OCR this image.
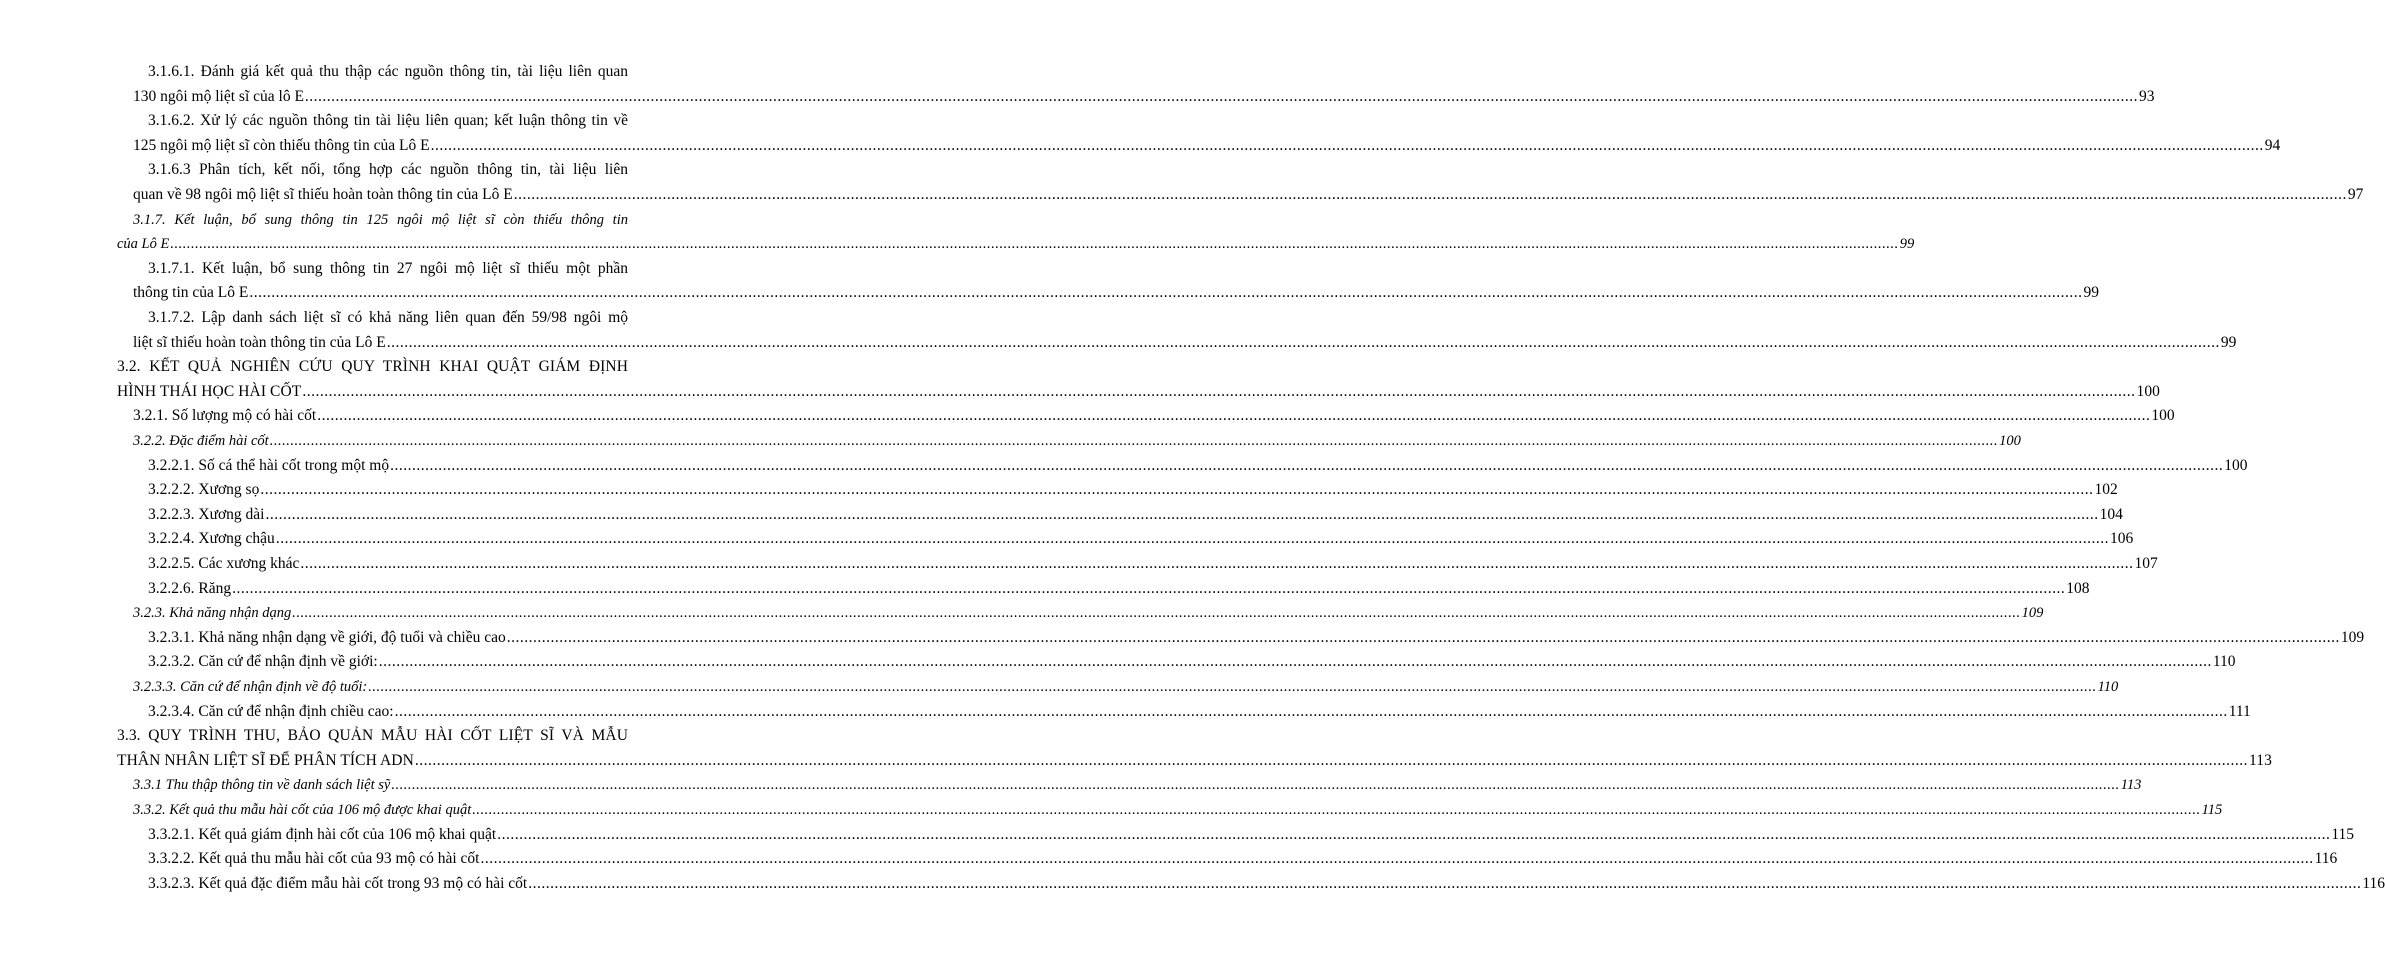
3.1.6.1. Đánh giá kết quả thu thập các nguồn thông tin, tài liệu liên quan
130 ngôi mộ liệt sĩ của lô E .....	93
3.1.6.2. Xử lý các nguồn thông tin tài liệu liên quan; kết luận thông tin về
125 ngôi mộ liệt sĩ còn thiếu thông tin của Lô E .....	94
3.1.6.3 Phân tích, kết nối, tổng hợp các nguồn thông tin, tài liệu liên
quan về 98 ngôi mộ liệt sĩ thiếu hoàn toàn thông tin của Lô E .....	97
3.1.7. Kết luận, bổ sung thông tin 125 ngôi mộ liệt sĩ còn thiếu thông tin
của Lô E .....	99
3.1.7.1. Kết luận, bổ sung thông tin 27 ngôi mộ liệt sĩ thiếu một phần
thông tin của Lô E .....	99
3.1.7.2. Lập danh sách liệt sĩ có khả năng liên quan đến 59/98 ngôi mộ
liệt sĩ thiếu hoàn toàn thông tin của Lô E .....	99
3.2. KẾT QUẢ NGHIÊN CỨU QUY TRÌNH KHAI QUẬT GIÁM ĐỊNH
HÌNH THÁI HỌC HÀI CỐT .....	100
3.2.1. Số lượng mộ có hài cốt .....	100
3.2.2. Đặc điểm hài cốt .....	100
3.2.2.1. Số cá thể hài cốt trong một mộ .....	100
3.2.2.2. Xương sọ .....	102
3.2.2.3. Xương dài .....	104
3.2.2.4. Xương chậu .....	106
3.2.2.5. Các xương khác .....	107
3.2.2.6. Răng .....	108
3.2.3. Khả năng nhận dạng .....	109
3.2.3.1. Khả năng nhận dạng về giới, độ tuổi và chiều cao .....	109
3.2.3.2. Căn cứ để nhận định về giới: .....	110
3.2.3.3. Căn cứ để nhận định về độ tuổi: .....	110
3.2.3.4. Căn cứ để nhận định chiều cao: .....	111
3.3. QUY TRÌNH THU, BẢO QUẢN MẪU HÀI CỐT LIỆT SĨ VÀ MẪU
THÂN NHÂN LIỆT SĨ ĐỂ PHÂN TÍCH ADN .....	113
3.3.1 Thu thập thông tin về danh sách liệt sỹ .....	113
3.3.2. Kết quả thu mẫu hài cốt của 106 mộ được khai quật .....	115
3.3.2.1. Kết quả giám định hài cốt của 106 mộ khai quật .....	115
3.3.2.2. Kết quả thu mẫu hài cốt của 93 mộ có hài cốt .....	116
3.3.2.3. Kết quả đặc điểm mẫu hài cốt trong 93 mộ có hài cốt .....	116
